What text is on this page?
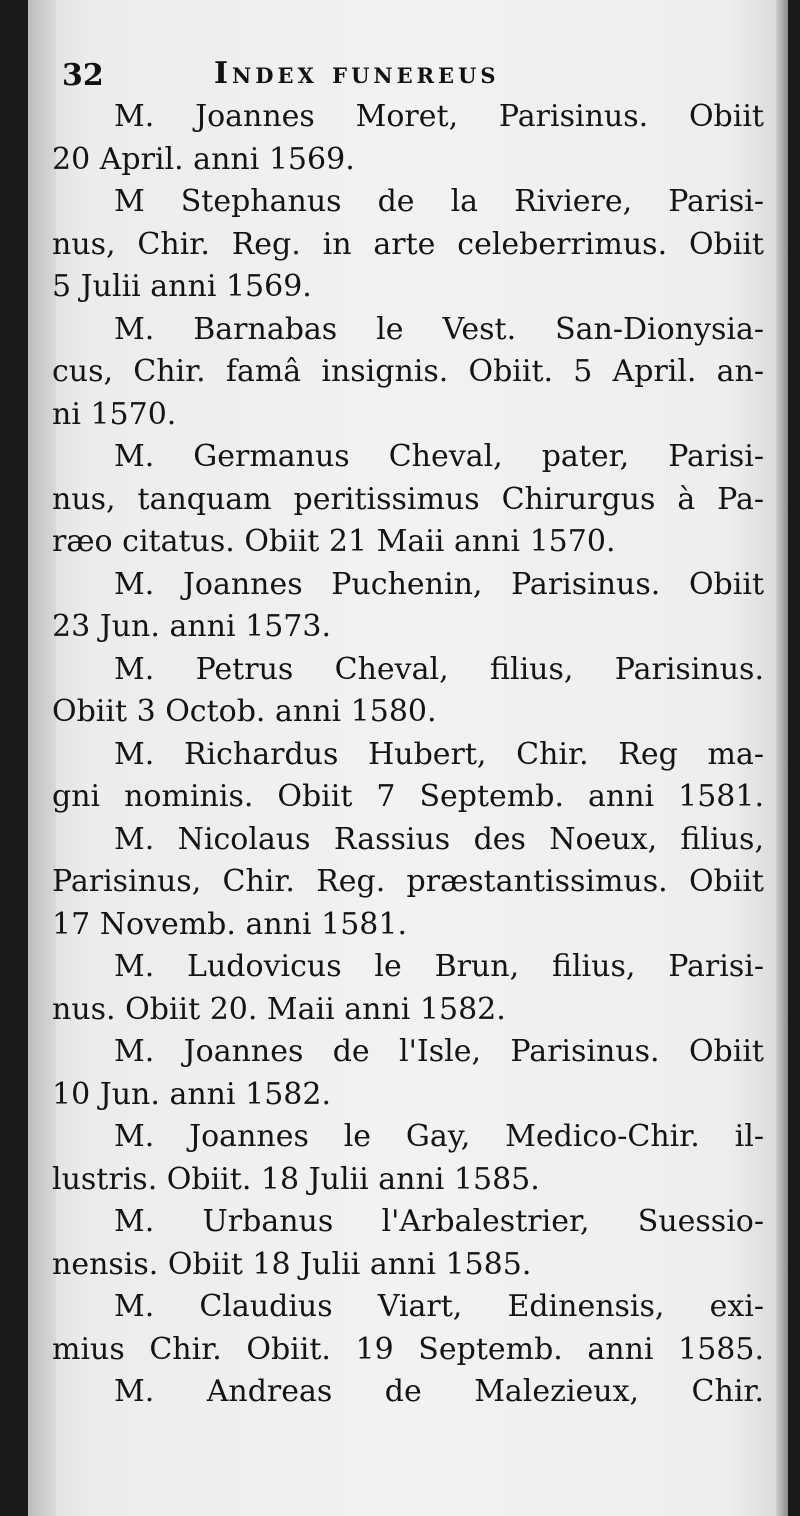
32	Index funereus
M. Joannes Moret, Parisinus. Obiit
20 April. anni 1569.
M Stephanus de la Riviere, Parisi-
nus, Chir. Reg. in arte celeberrimus. Obiit
5 Julii anni 1569.
M. Barnabas le Vest. San-Dionysia-
cus, Chir. famâ insignis. Obiit. 5 April. an-
ni 1570.
M. Germanus Cheval, pater, Parisi-
nus, tanquam peritissimus Chirurgus à Pa-
ræo citatus. Obiit 21 Maii anni 1570.
M. Joannes Puchenin, Parisinus. Obiit
23 Jun. anni 1573.
M. Petrus Cheval, filius, Parisinus.
Obiit 3 Octob. anni 1580.
M. Richardus Hubert, Chir. Reg ma-
gni nominis. Obiit 7 Septemb. anni 1581.
M. Nicolaus Rassius des Noeux, filius,
Parisinus, Chir. Reg. præstantissimus. Obiit
17 Novemb. anni 1581.
M. Ludovicus le Brun, filius, Parisi-
nus. Obiit 20. Maii anni 1582.
M. Joannes de l'Isle, Parisinus. Obiit
10 Jun. anni 1582.
M. Joannes le Gay, Medico-Chir. il-
lustris. Obiit. 18 Julii anni 1585.
M. Urbanus l'Arbalestrier, Suessio-
nensis. Obiit 18 Julii anni 1585.
M. Claudius Viart, Edinensis, exi-
mius Chir. Obiit. 19 Septemb. anni 1585.
M. Andreas de Malezieux, Chir.
